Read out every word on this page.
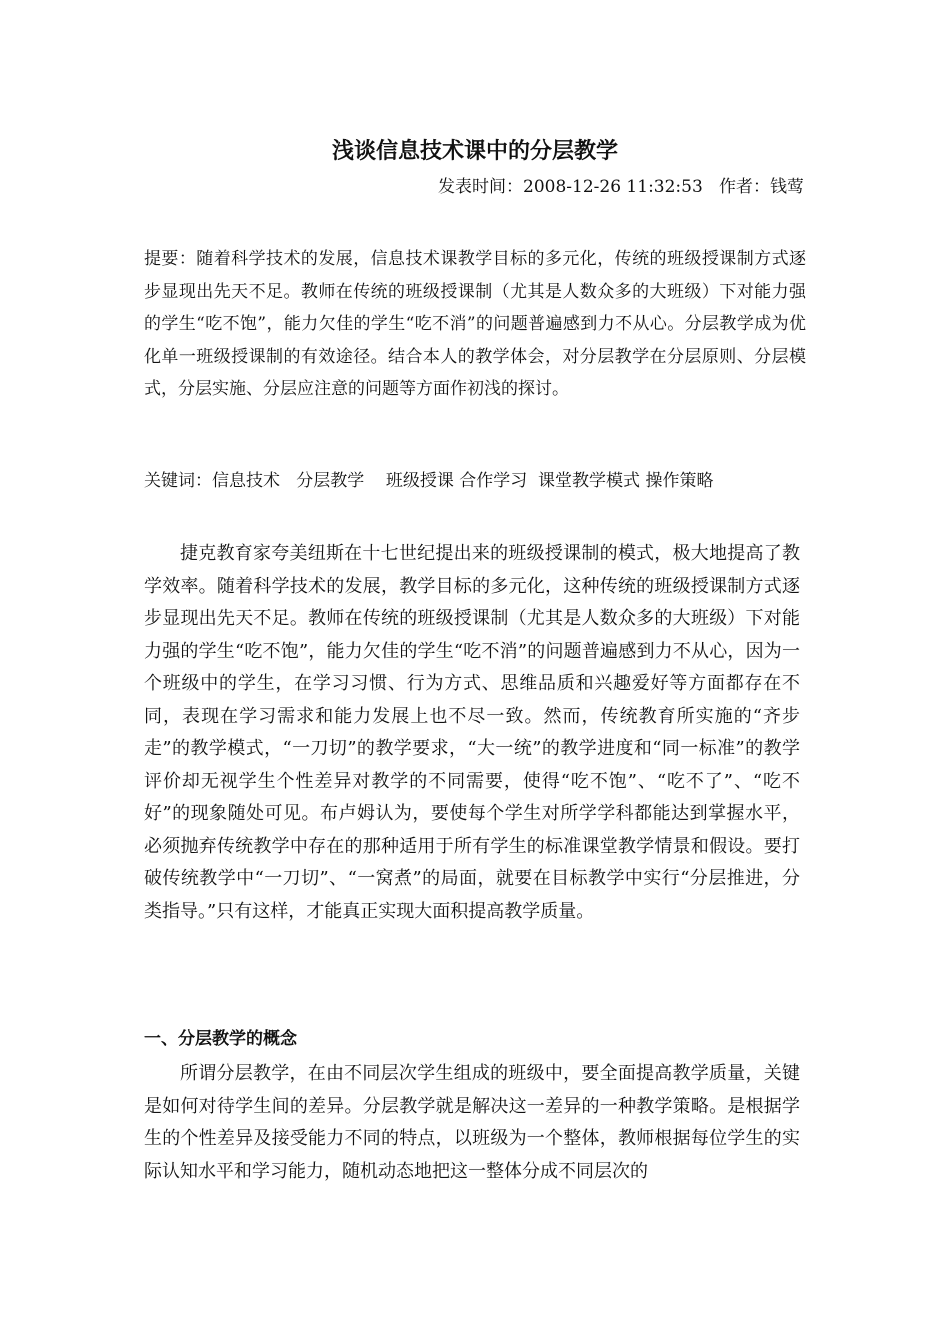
浅谈信息技术课中的分层教学
发表时间：2008-12-26 11:32:53   作者：钱莺

提要：随着科学技术的发展，信息技术课教学目标的多元化，传统的班级授课制方式逐步显现出先天不足。教师在传统的班级授课制（尤其是人数众多的大班级）下对能力强的学生“吃不饱”，能力欠佳的学生“吃不消”的问题普遍感到力不从心。分层教学成为优化单一班级授课制的有效途径。结合本人的教学体会，对分层教学在分层原则、分层模式，分层实施、分层应注意的问题等方面作初浅的探讨。

关键词：信息技术   分层教学    班级授课 合作学习  课堂教学模式 操作策略

捷克教育家夸美纽斯在十七世纪提出来的班级授课制的模式，极大地提高了教学效率。随着科学技术的发展，教学目标的多元化，这种传统的班级授课制方式逐步显现出先天不足。教师在传统的班级授课制（尤其是人数众多的大班级）下对能力强的学生“吃不饱”，能力欠佳的学生“吃不消”的问题普遍感到力不从心，因为一个班级中的学生，在学习习惯、行为方式、思维品质和兴趣爱好等方面都存在不同，表现在学习需求和能力发展上也不尽一致。然而，传统教育所实施的“齐步走”的教学模式，“一刀切”的教学要求，“大一统”的教学进度和“同一标准”的教学评价却无视学生个性差异对教学的不同需要，使得“吃不饱”、“吃不了”、“吃不好”的现象随处可见。布卢姆认为，要使每个学生对所学学科都能达到掌握水平，必须抛弃传统教学中存在的那种适用于所有学生的标准课堂教学情景和假设。要打破传统教学中“一刀切”、“一窝煮”的局面，就要在目标教学中实行“分层推进，分类指导。”只有这样，才能真正实现大面积提高教学质量。

一、分层教学的概念

所谓分层教学，在由不同层次学生组成的班级中，要全面提高教学质量，关键是如何对待学生间的差异。分层教学就是解决这一差异的一种教学策略。是根据学生的个性差异及接受能力不同的特点，以班级为一个整体，教师根据每位学生的实际认知水平和学习能力，随机动态地把这一整体分成不同层次的
